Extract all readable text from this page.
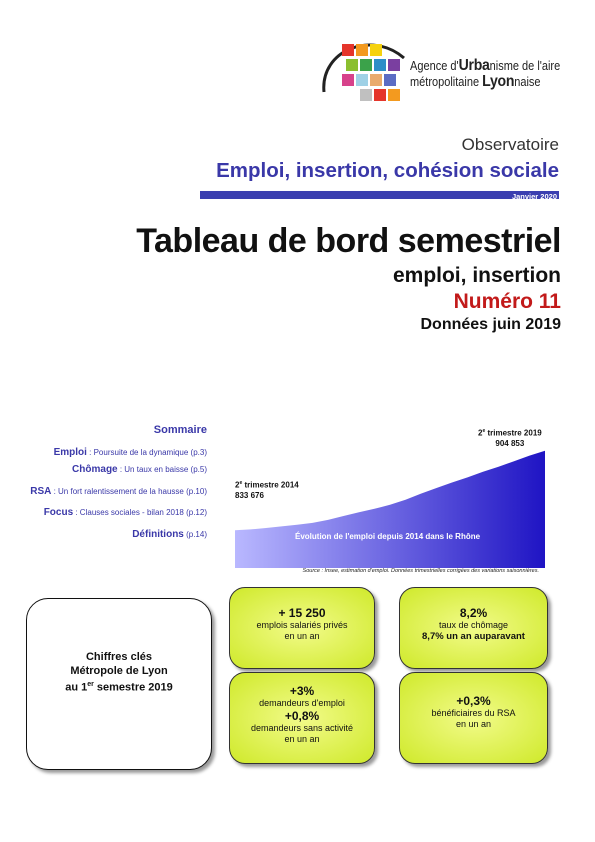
Agence d'Urbanisme de l'aire
métropolitaine Lyonnaise
Observatoire
Emploi, insertion, cohésion sociale
Janvier 2020
Tableau de bord semestriel
emploi, insertion
Numéro 11
Données juin 2019
Sommaire
Emploi : Poursuite de la dynamique (p.3)
Chômage : Un taux en baisse (p.5)
RSA : Un fort ralentissement de la hausse (p.10)
Focus : Clauses sociales - bilan 2018 (p.12)
Définitions (p.14)
2e trimestre 2014
833 676
2e trimestre 2019
904 853
Évolution de l'emploi depuis 2014 dans le Rhône
Source : Insee, estimation d'emploi. Données trimestrielles corrigées des variations saisonnières.
Chiffres clés
Métropole de Lyon
au 1er semestre 2019
+ 15 250
emplois salariés privés
en un an
8,2%
taux de chômage
8,7% un an auparavant
+3%
demandeurs d'emploi
+0,8%
demandeurs sans activité
en un an
+0,3%
bénéficiaires du RSA
en un an
